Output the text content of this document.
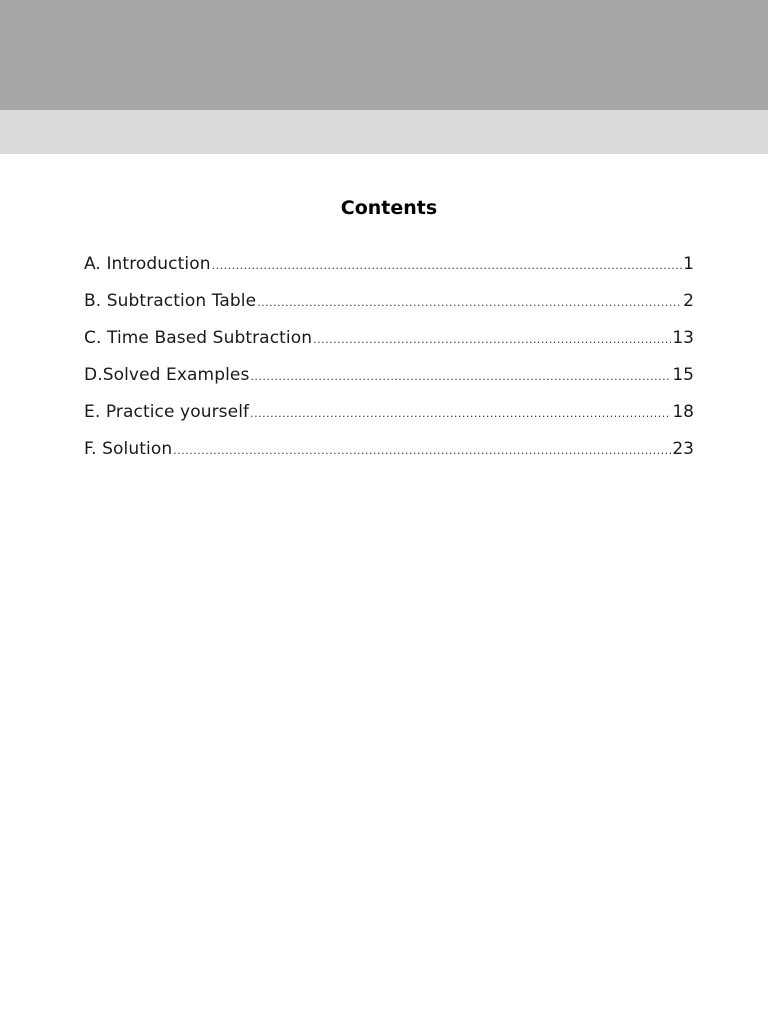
Contents
A. Introduction .....	1
B. Subtraction Table .....	2
C. Time Based Subtraction .....	13
D.Solved Examples .....	15
E. Practice yourself .....	18
F. Solution .....	23
